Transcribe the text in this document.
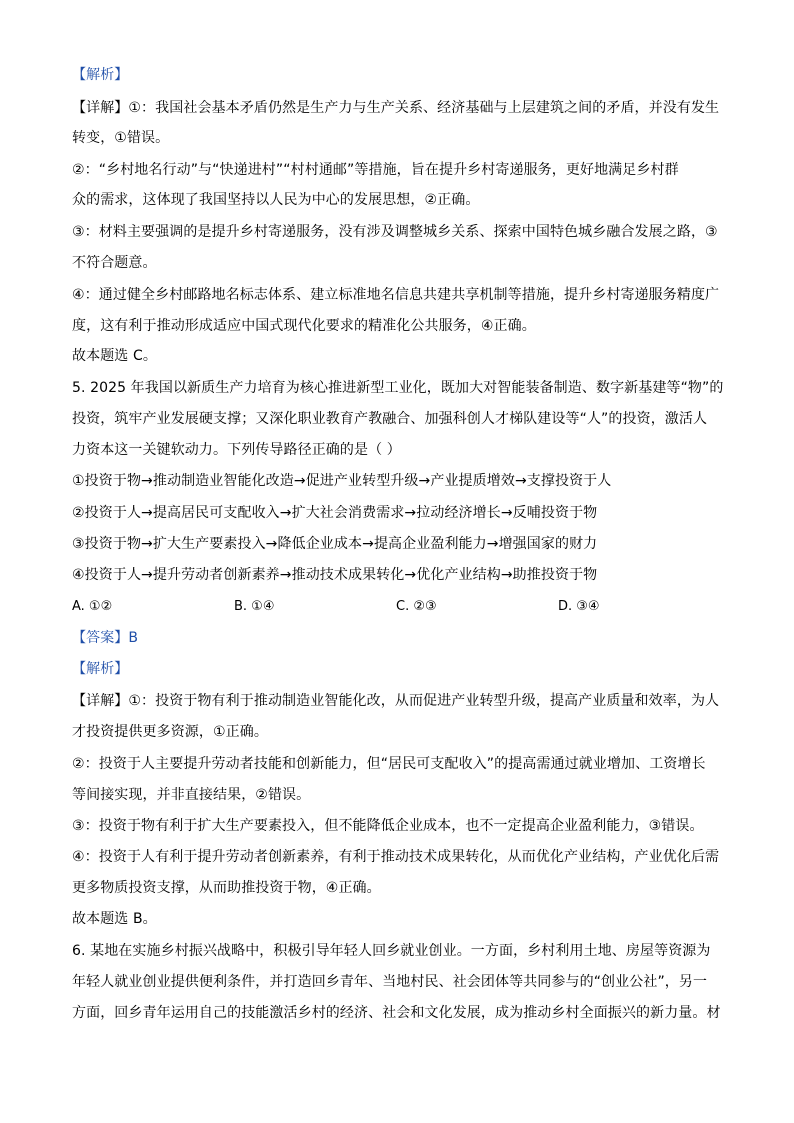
【解析】
【详解】①：我国社会基本矛盾仍然是生产力与生产关系、经济基础与上层建筑之间的矛盾，并没有发生
转变，①错误。
②：“乡村地名行动”与“快递进村”“村村通邮”等措施，旨在提升乡村寄递服务，更好地满足乡村群
众的需求，这体现了我国坚持以人民为中心的发展思想，②正确。
③：材料主要强调的是提升乡村寄递服务，没有涉及调整城乡关系、探索中国特色城乡融合发展之路，③
不符合题意。
④：通过健全乡村邮路地名标志体系、建立标准地名信息共建共享机制等措施，提升乡村寄递服务精度广
度，这有利于推动形成适应中国式现代化要求的精准化公共服务，④正确。
故本题选 C。
5. 2025 年我国以新质生产力培育为核心推进新型工业化，既加大对智能装备制造、数字新基建等“物”的
投资，筑牢产业发展硬支撑；又深化职业教育产教融合、加强科创人才梯队建设等“人”的投资，激活人
力资本这一关键软动力。下列传导路径正确的是（ ）
①投资于物→推动制造业智能化改造→促进产业转型升级→产业提质增效→支撑投资于人
②投资于人→提高居民可支配收入→扩大社会消费需求→拉动经济增长→反哺投资于物
③投资于物→扩大生产要素投入→降低企业成本→提高企业盈利能力→增强国家的财力
④投资于人→提升劳动者创新素养→推动技术成果转化→优化产业结构→助推投资于物
A. ①②	B. ①④	C. ②③	D. ③④
【答案】B
【解析】
【详解】①：投资于物有利于推动制造业智能化改，从而促进产业转型升级，提高产业质量和效率，为人
才投资提供更多资源，①正确。
②：投资于人主要提升劳动者技能和创新能力，但“居民可支配收入”的提高需通过就业增加、工资增长
等间接实现，并非直接结果，②错误。
③：投资于物有利于扩大生产要素投入，但不能降低企业成本，也不一定提高企业盈利能力，③错误。
④：投资于人有利于提升劳动者创新素养，有利于推动技术成果转化，从而优化产业结构，产业优化后需
更多物质投资支撑，从而助推投资于物，④正确。
故本题选 B。
6. 某地在实施乡村振兴战略中，积极引导年轻人回乡就业创业。一方面，乡村利用土地、房屋等资源为
年轻人就业创业提供便利条件，并打造回乡青年、当地村民、社会团体等共同参与的“创业公社”，另一
方面，回乡青年运用自己的技能激活乡村的经济、社会和文化发展，成为推动乡村全面振兴的新力量。材
